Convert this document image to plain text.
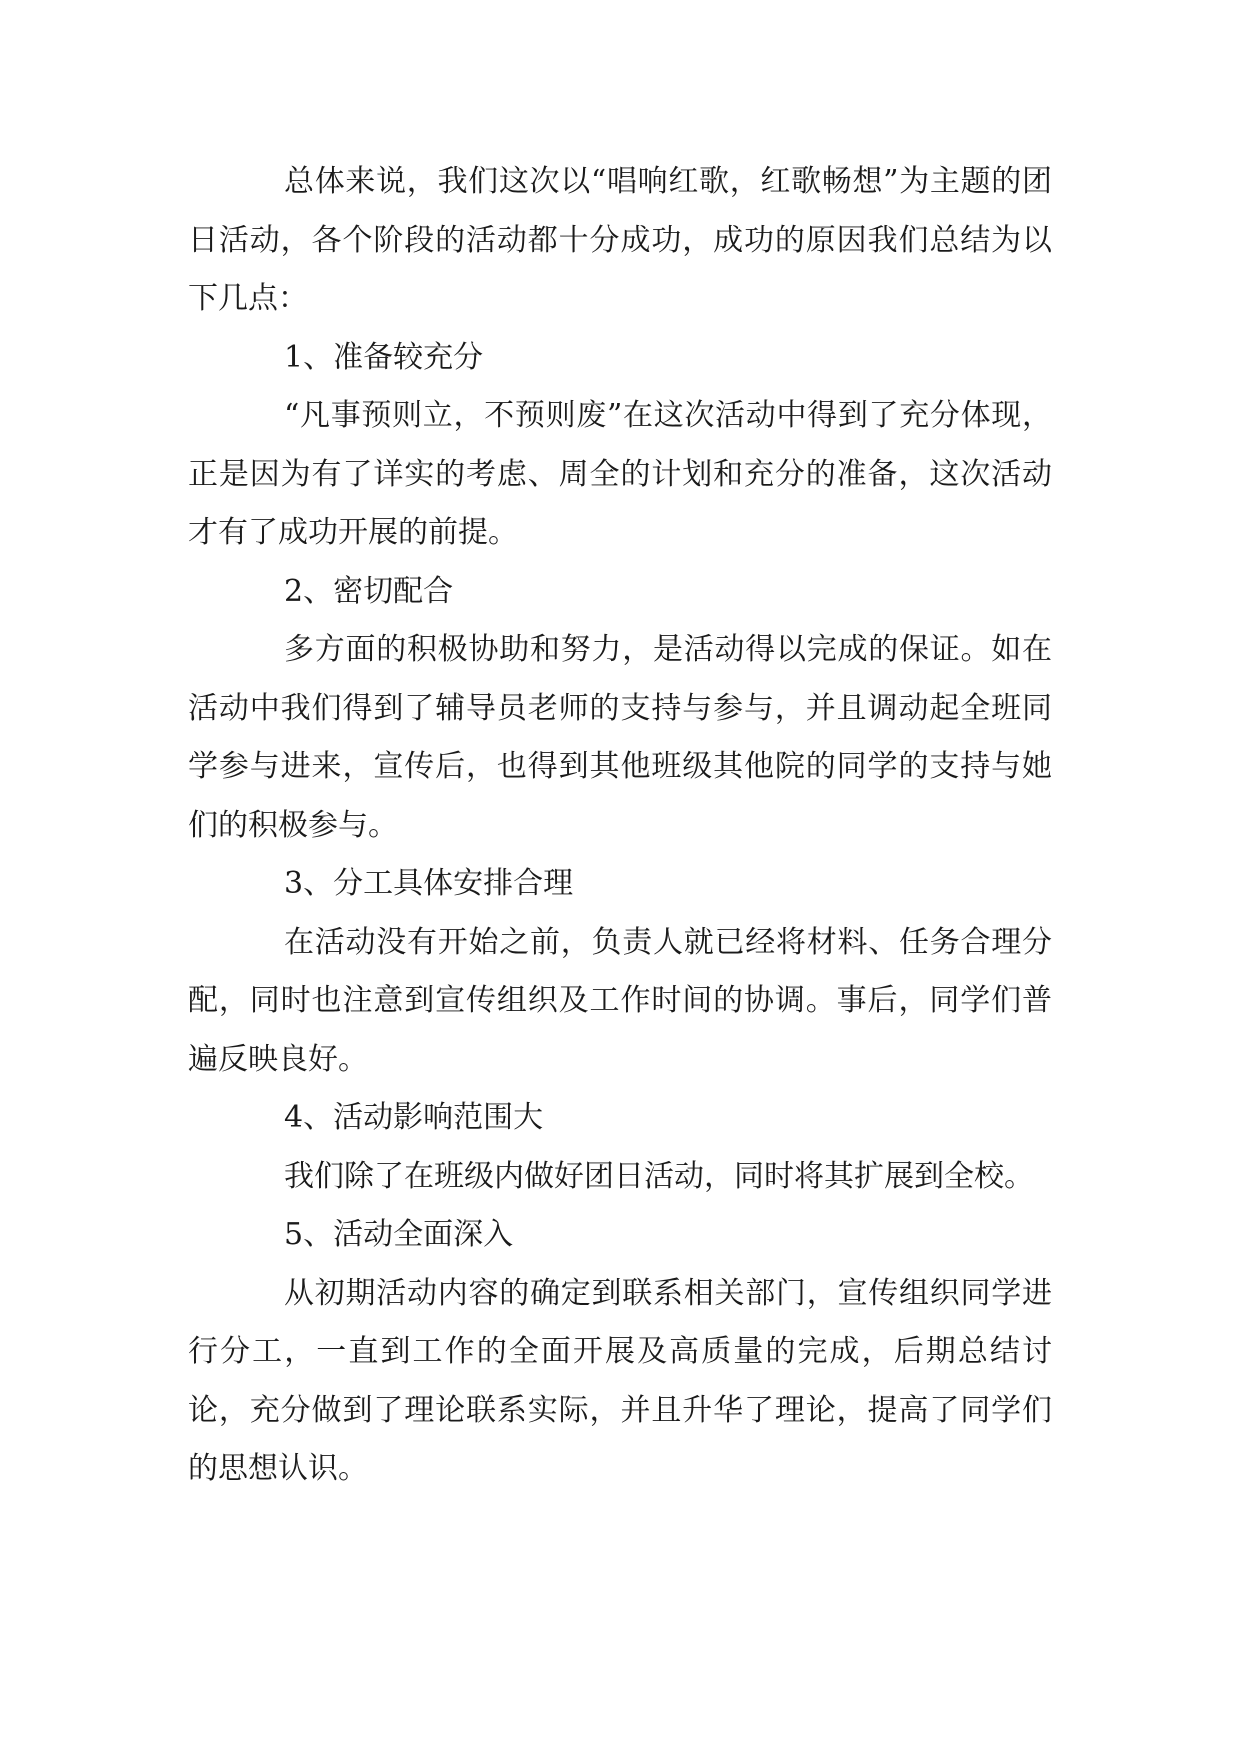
总体来说，我们这次以“唱响红歌，红歌畅想”为主题的团日活动，各个阶段的活动都十分成功，成功的原因我们总结为以下几点：

1、准备较充分

“凡事预则立，不预则废”在这次活动中得到了充分体现，正是因为有了详实的考虑、周全的计划和充分的准备，这次活动才有了成功开展的前提。

2、密切配合

多方面的积极协助和努力，是活动得以完成的保证。如在活动中我们得到了辅导员老师的支持与参与，并且调动起全班同学参与进来，宣传后，也得到其他班级其他院的同学的支持与她们的积极参与。

3、分工具体安排合理

在活动没有开始之前，负责人就已经将材料、任务合理分配，同时也注意到宣传组织及工作时间的协调。事后，同学们普遍反映良好。

4、活动影响范围大

我们除了在班级内做好团日活动，同时将其扩展到全校。

5、活动全面深入

从初期活动内容的确定到联系相关部门，宣传组织同学进行分工，一直到工作的全面开展及高质量的完成，后期总结讨论，充分做到了理论联系实际，并且升华了理论，提高了同学们的思想认识。
